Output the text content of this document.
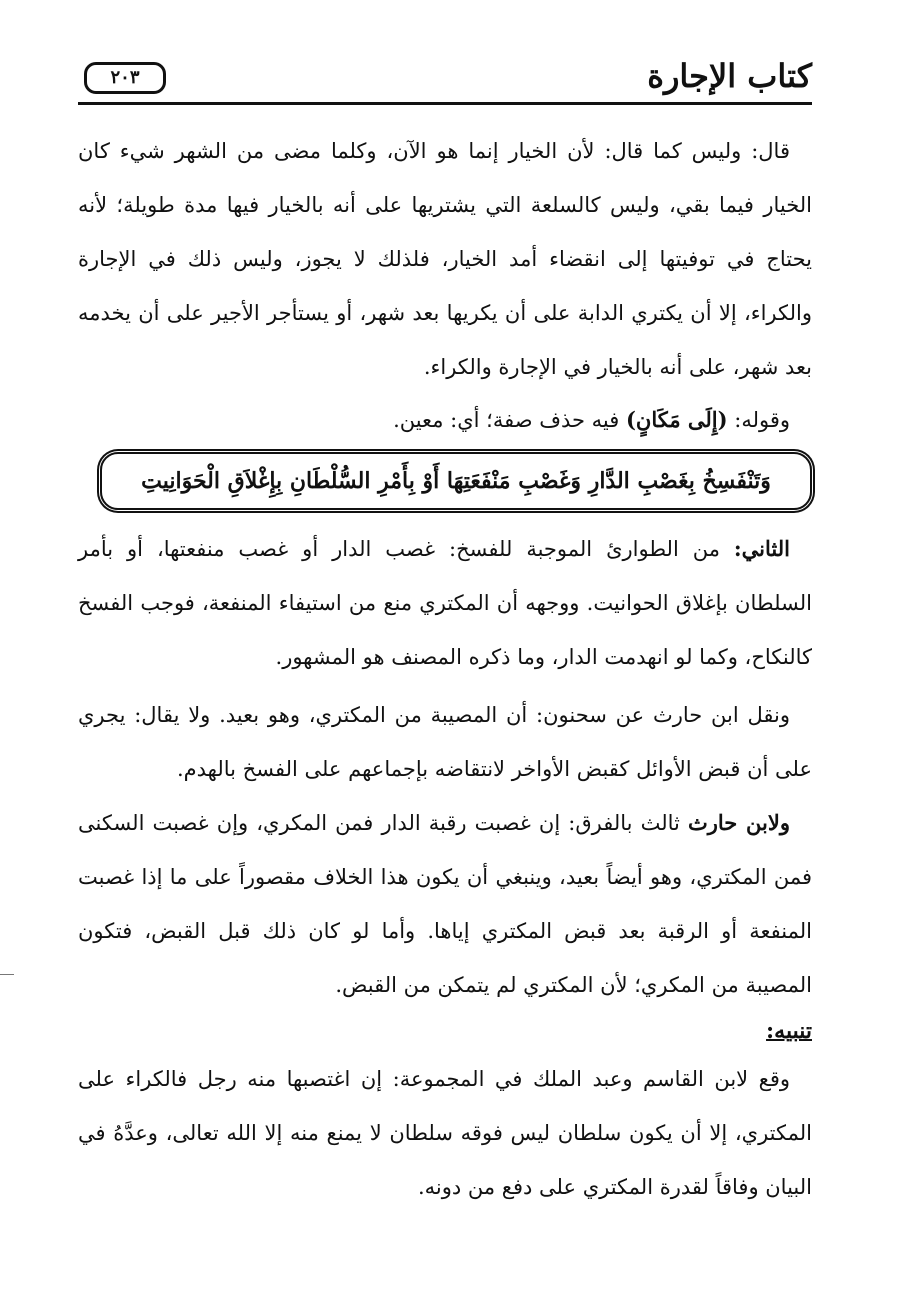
كتاب الإجارة
٢٠٣

قال: وليس كما قال: لأن الخيار إنما هو الآن، وكلما مضى من الشهر شيء كان الخيار فيما بقي، وليس كالسلعة التي يشتريها على أنه بالخيار فيها مدة طويلة؛ لأنه يحتاج في توفيتها إلى انقضاء أمد الخيار، فلذلك لا يجوز، وليس ذلك في الإجارة والكراء، إلا أن يكتري الدابة على أن يكريها بعد شهر، أو يستأجر الأجير على أن يخدمه بعد شهر، على أنه بالخيار في الإجارة والكراء.

وقوله: (إِلَى مَكَانٍ) فيه حذف صفة؛ أي: معين.

وَتَنْفَسِخُ بِغَصْبِ الدَّارِ وَغَصْبِ مَنْفَعَتِهَا أَوْ بِأَمْرِ السُّلْطَانِ بِإِغْلاَقِ الْحَوَانِيتِ

الثاني: من الطوارئ الموجبة للفسخ: غصب الدار أو غصب منفعتها، أو بأمر السلطان بإغلاق الحوانيت. ووجهه أن المكتري منع من استيفاء المنفعة، فوجب الفسخ كالنكاح، وكما لو انهدمت الدار، وما ذكره المصنف هو المشهور.

ونقل ابن حارث عن سحنون: أن المصيبة من المكتري، وهو بعيد. ولا يقال: يجري على أن قبض الأوائل كقبض الأواخر لانتقاضه بإجماعهم على الفسخ بالهدم.

ولابن حارث ثالث بالفرق: إن غصبت رقبة الدار فمن المكري، وإن غصبت السكنى فمن المكتري، وهو أيضاً بعيد، وينبغي أن يكون هذا الخلاف مقصوراً على ما إذا غصبت المنفعة أو الرقبة بعد قبض المكتري إياها. وأما لو كان ذلك قبل القبض، فتكون المصيبة من المكري؛ لأن المكتري لم يتمكن من القبض.

تنبيه:

وقع لابن القاسم وعبد الملك في المجموعة: إن اغتصبها منه رجل فالكراء على المكتري، إلا أن يكون سلطان ليس فوقه سلطان لا يمنع منه إلا الله تعالى، وعدَّهُ في البيان وفاقاً لقدرة المكتري على دفع من دونه.
